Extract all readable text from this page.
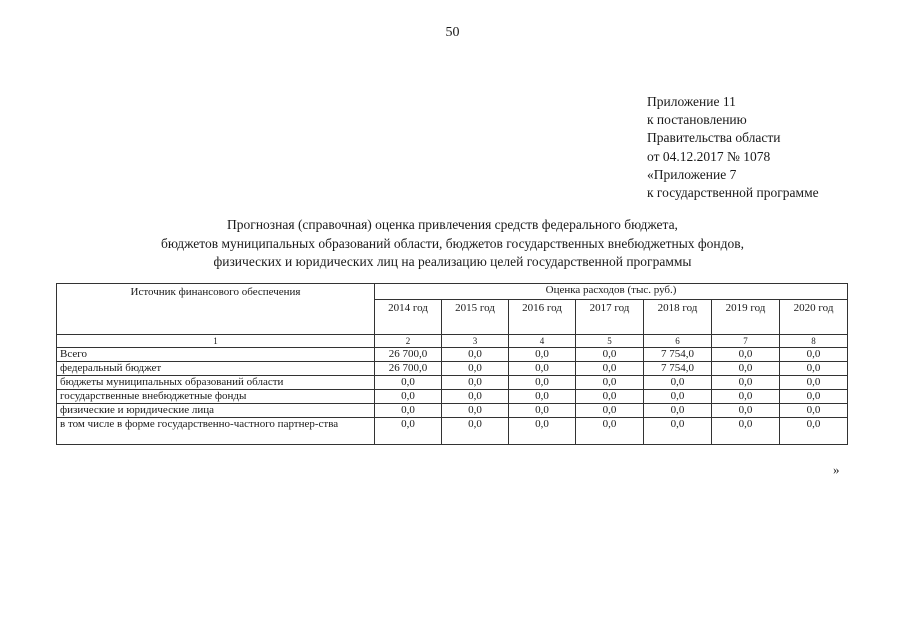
50
Приложение 11
к постановлению
Правительства области
от 04.12.2017 № 1078
«Приложение 7
к государственной программе
Прогнозная (справочная) оценка привлечения средств федерального бюджета,
бюджетов муниципальных образований области, бюджетов государственных внебюджетных фондов,
физических и юридических лиц на реализацию целей государственной программы
Источник финансового обеспечения	Оценка расходов (тыс. руб.)						
	2014 год	2015 год	2016 год	2017 год	2018 год	2019 год	2020 год
1	2	3	4	5	6	7	8
Всего	26 700,0	0,0	0,0	0,0	7 754,0	0,0	0,0
федеральный бюджет	26 700,0	0,0	0,0	0,0	7 754,0	0,0	0,0
бюджеты муниципальных образований области	0,0	0,0	0,0	0,0	0,0	0,0	0,0
государственные внебюджетные фонды	0,0	0,0	0,0	0,0	0,0	0,0	0,0
физические и юридические лица	0,0	0,0	0,0	0,0	0,0	0,0	0,0
в том числе в форме государственно-частного партнер-ства	0,0	0,0	0,0	0,0	0,0	0,0	0,0
»
